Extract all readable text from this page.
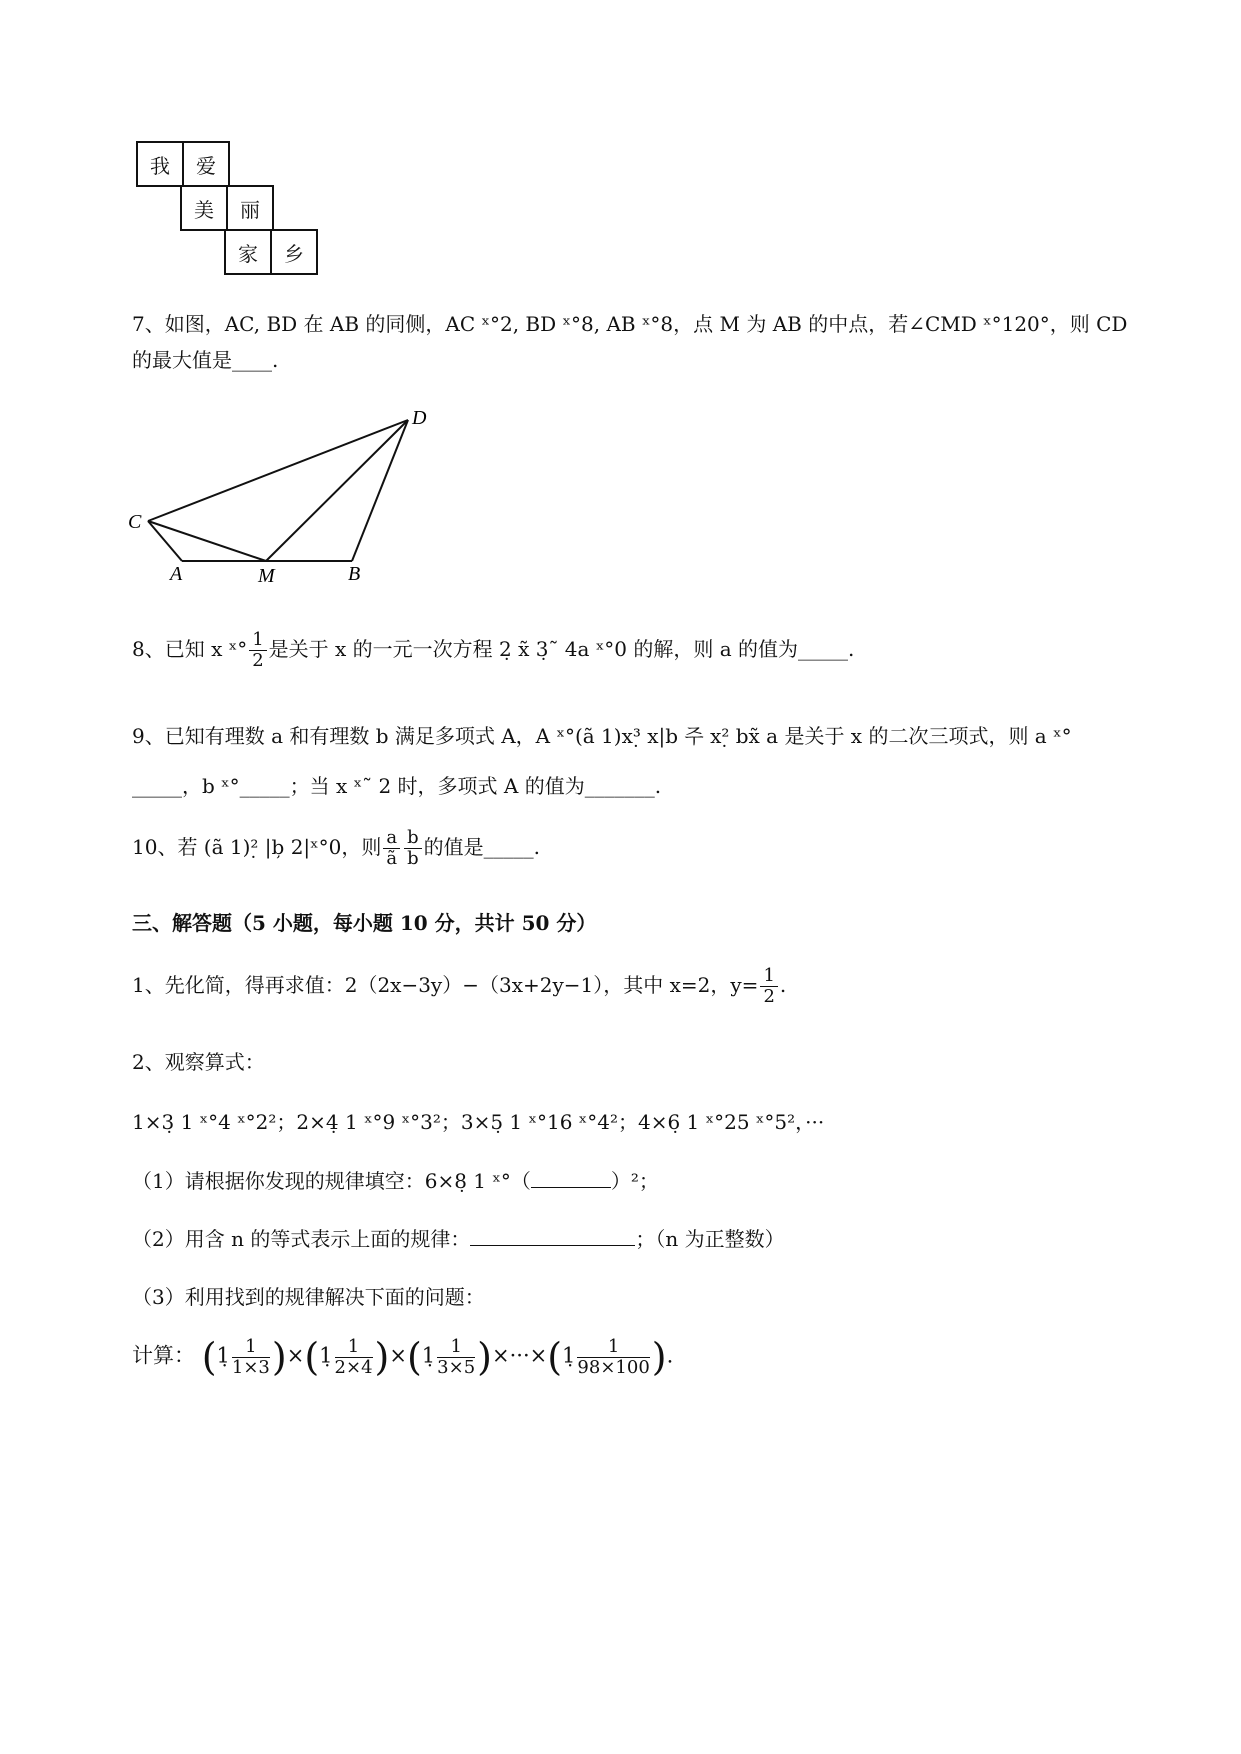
我	爱
美	丽
家	乡
7、如图，AC, BD 在 AB 的同侧，AC ˣ°2, BD ˣ°8, AB ˣ°8，点 M 为 AB 的中点，若∠CMD ˣ°120°，则 CD
的最大值是____.
C
A	M	B
D
8、已知 x ˣ° $\frac{1}{2}$ 是关于 x 的一元一次方程 2̣ x̃ 3̣˜ 4a ˣ°0 的解，则 a 的值为_____.
9、已知有理数 a 和有理数 b 满足多项式 A，A ˣ°(ã 1)x³̣ x|b 주 x²̣ bx̃ a 是关于 x 的二次三项式，则 a ˣ°
_____，b ˣ°_____；当 x ˣ˜ 2 时，多项式 A 的值为_______.
10、若 (ã 1)²̣ |b̦ 2|ˣ°0，则 $\frac{a}{ã} \frac{b}{b}$ 的值是_____.
三、解答题（5 小题，每小题 10 分，共计 50 分）
1、先化简，得再求值：2（2x−3y）−（3x+2y−1），其中 x=2，$y= \frac{1}{2}$ .
2、观察算式：
1×3̣ 1 ˣ°4 ˣ°2²；2×4̣ 1 ˣ°9 ˣ°3²；3×5̣ 1 ˣ°16 ˣ°4²；4×6̣ 1 ˣ°25 ˣ°5²，···
（1）请根据你发现的规律填空：6×8̣ 1 ˣ°（	）²；
（2）用含 n 的等式表示上面的规律：	；（n 为正整数）
（3）利用找到的规律解决下面的问题：
计算： (1̣ $\frac{1}{1\times 3}$ )×(1̣ $\frac{1}{2\times 4}$ )×(1̣ $\frac{1}{3\times 5}$ )×···×(1̣ $\frac{1}{98\times 100}$ ).
